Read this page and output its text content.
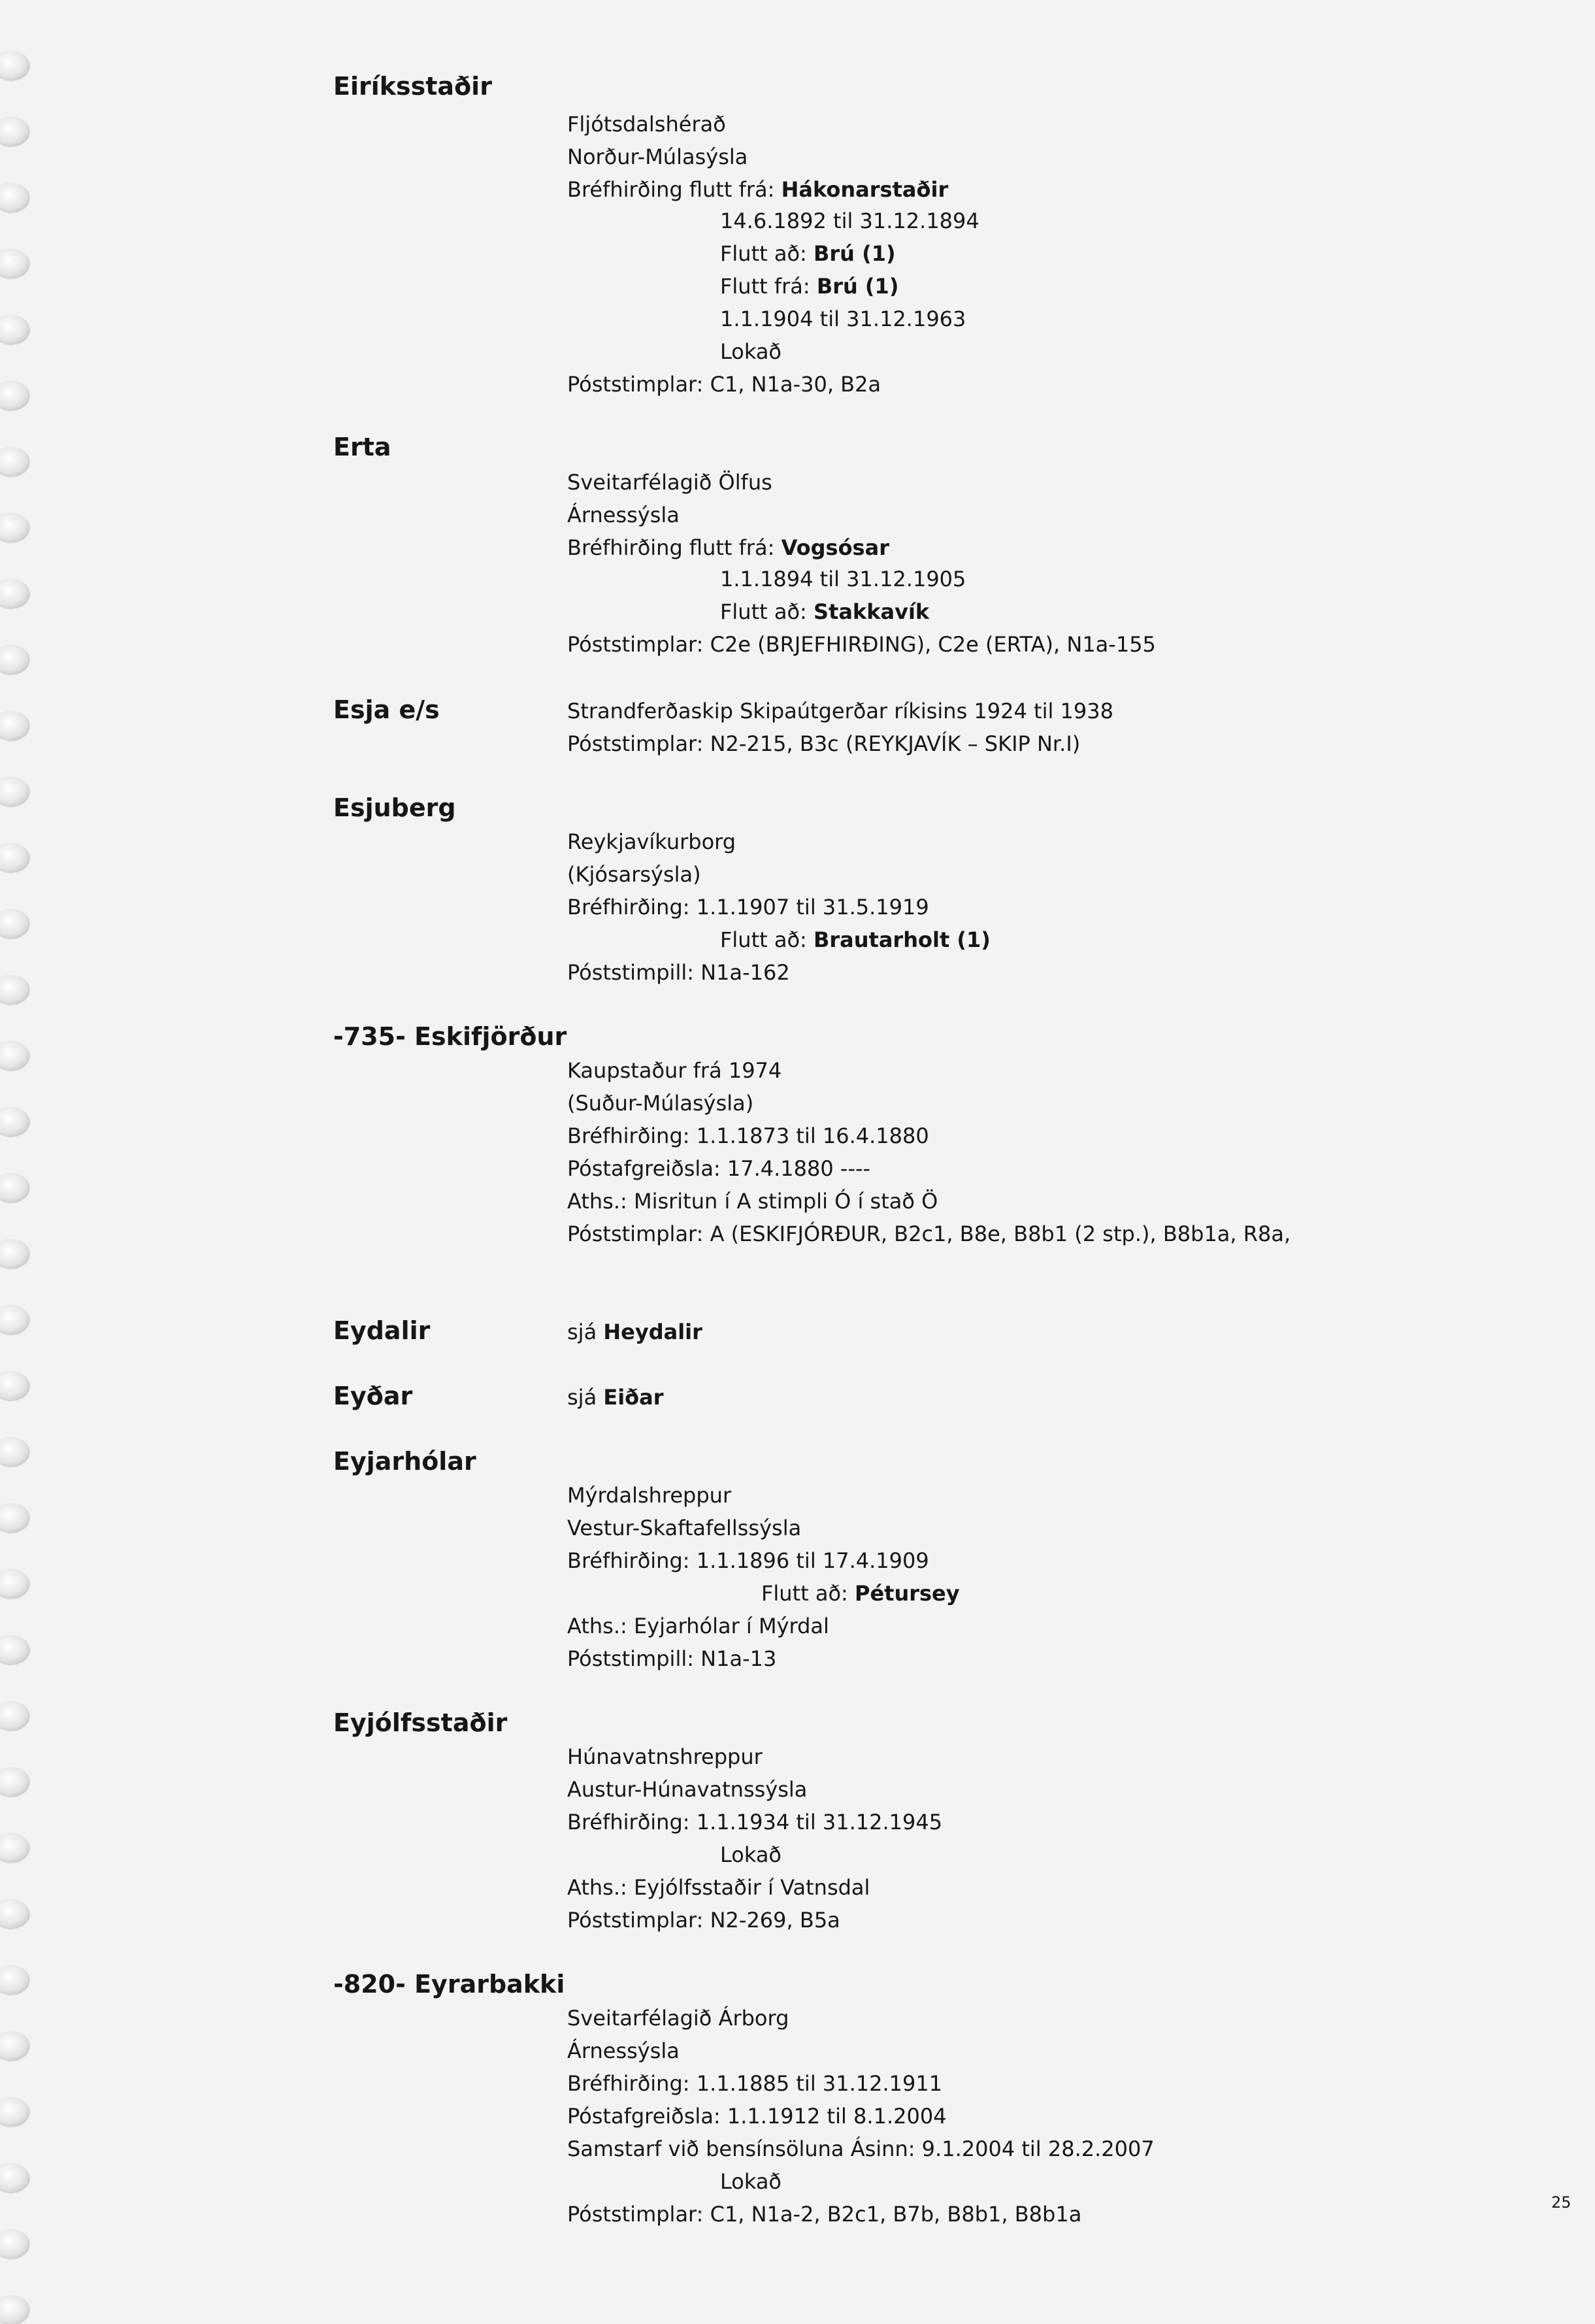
Eiríksstaðir
Fljótsdalshérað
Norður-Múlasýsla
Bréfhirðing flutt frá: Hákonarstaðir
14.6.1892 til 31.12.1894
Flutt að: Brú (1)
Flutt frá: Brú (1)
1.1.1904 til 31.12.1963
Lokað
Póststimplar: C1, N1a-30, B2a
Erta
Sveitarfélagið Ölfus
Árnessýsla
Bréfhirðing flutt frá: Vogsósar
1.1.1894 til 31.12.1905
Flutt að: Stakkavík
Póststimplar: C2e (BRJEFHIRÐING), C2e (ERTA), N1a-155
Esja e/s	Strandferðaskip Skipaútgerðar ríkisins 1924 til 1938
Póststimplar: N2-215, B3c (REYKJAVÍK – SKIP Nr.I)
Esjuberg
Reykjavíkurborg
(Kjósarsýsla)
Bréfhirðing: 1.1.1907 til 31.5.1919
Flutt að: Brautarholt (1)
Póststimpill: N1a-162
-735- Eskifjörður
Kaupstaður frá 1974
(Suður-Múlasýsla)
Bréfhirðing: 1.1.1873 til 16.4.1880
Póstafgreiðsla: 17.4.1880 ----
Aths.: Misritun í A stimpli Ó í stað Ö
Póststimplar: A (ESKIFJÓRÐUR, B2c1, B8e, B8b1 (2 stp.), B8b1a, R8a,
Eydalir	sjá Heydalir
Eyðar	sjá Eiðar
Eyjarhólar
Mýrdalshreppur
Vestur-Skaftafellssýsla
Bréfhirðing: 1.1.1896 til 17.4.1909
Flutt að: Pétursey
Aths.: Eyjarhólar í Mýrdal
Póststimpill: N1a-13
Eyjólfsstaðir
Húnavatnshreppur
Austur-Húnavatnssýsla
Bréfhirðing: 1.1.1934 til 31.12.1945
Lokað
Aths.: Eyjólfsstaðir í Vatnsdal
Póststimplar: N2-269, B5a
-820- Eyrarbakki
Sveitarfélagið Árborg
Árnessýsla
Bréfhirðing: 1.1.1885 til 31.12.1911
Póstafgreiðsla: 1.1.1912 til 8.1.2004
Samstarf við bensínsöluna Ásinn: 9.1.2004 til 28.2.2007
Lokað
Póststimplar: C1, N1a-2, B2c1, B7b, B8b1, B8b1a	25
